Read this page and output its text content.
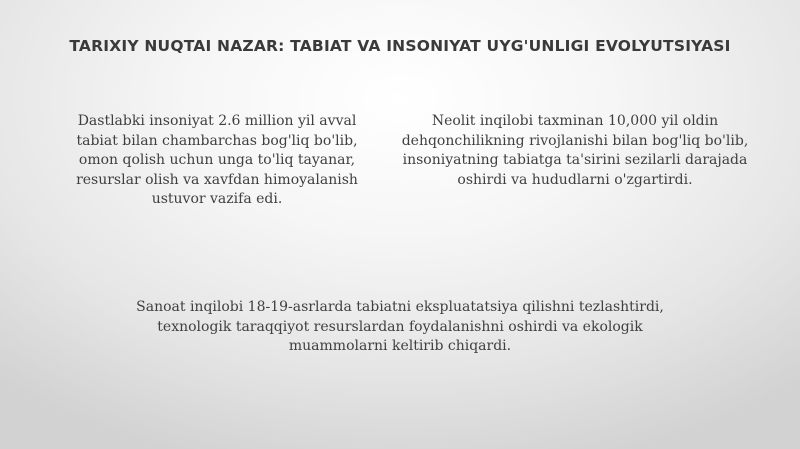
TARIXIY NUQTAI NAZAR: TABIAT VA INSONIYAT UYG'UNLIGI EVOLYUTSIYASI

Dastlabki insoniyat 2.6 million yil avval tabiat bilan chambarchas bog'liq bo'lib, omon qolish uchun unga to'liq tayanar, resurslar olish va xavfdan himoyalanish ustuvor vazifa edi.

Neolit inqilobi taxminan 10,000 yil oldin dehqonchilikning rivojlanishi bilan bog'liq bo'lib, insoniyatning tabiatga ta'sirini sezilarli darajada oshirdi va hududlarni o'zgartirdi.

Sanoat inqilobi 18-19-asrlarda tabiatni ekspluatatsiya qilishni tezlashtirdi, texnologik taraqqiyot resurslardan foydalanishni oshirdi va ekologik muammolarni keltirib chiqardi.
